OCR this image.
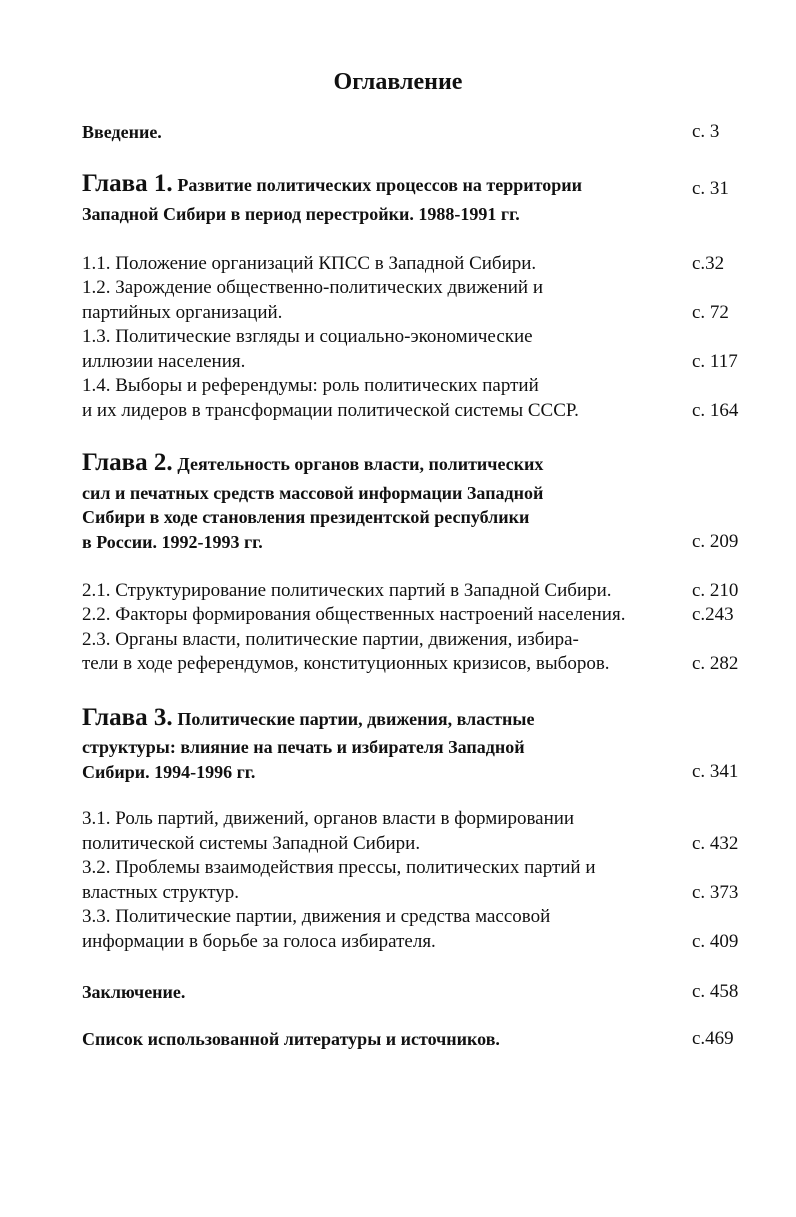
Оглавление
Введение.	с. 3
Глава 1. Развитие политических процессов на территории	с. 31
Западной Сибири в период перестройки. 1988-1991 гг.
1.1. Положение организаций КПСС в Западной Сибири.	с.32
1.2. Зарождение общественно-политических движений и
партийных организаций.	с. 72
1.3. Политические взгляды и социально-экономические
иллюзии населения.	с. 117
1.4. Выборы и референдумы: роль политических партий
и их лидеров в трансформации политической системы СССР.	с. 164
Глава 2. Деятельность органов власти, политических
сил и печатных средств массовой информации Западной
Сибири в ходе становления президентской республики
в России. 1992-1993 гг.	с. 209
2.1. Структурирование политических партий в Западной Сибири.	с. 210
2.2. Факторы формирования общественных настроений населения.	с.243
2.3. Органы власти, политические партии, движения, избира-
тели в ходе референдумов, конституционных кризисов, выборов.	с. 282
Глава 3. Политические партии, движения, властные
структуры: влияние на печать и избирателя Западной
Сибири. 1994-1996 гг.	с. 341
3.1. Роль партий, движений, органов власти в формировании
политической системы Западной Сибири.	с. 432
3.2. Проблемы взаимодействия прессы, политических партий и
властных структур.	с. 373
3.3. Политические партии, движения и средства массовой
информации в борьбе за голоса избирателя.	с. 409
Заключение.	с. 458
Список использованной литературы и источников.	с.469
